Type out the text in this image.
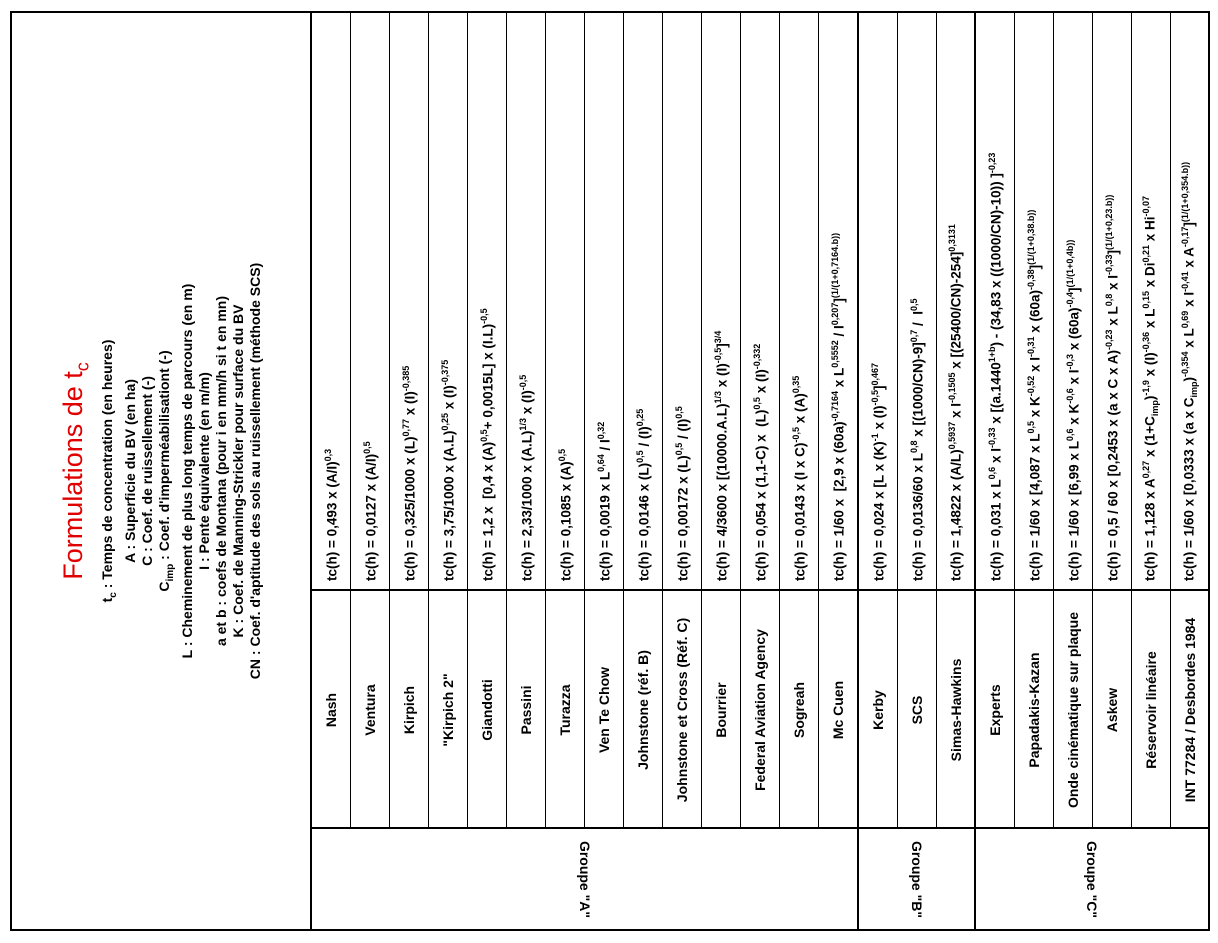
Formulations de $t_c$
$t_c$ : Temps de concentration (en heures) A : Superficie du BV (en ha) C : Coef. de ruissellement (-)
$C_{imp}$ : Coef. d'imperméabilisationt (-) L : Cheminement de plus long temps de parcours (en m) I : Pente équivalente (en m/m) a et b : coefs de Montana (pour i en mm/h si t en mn) K : Coef. de Manning-Strickler pour surface du BV CN : Coef. d'aptitude des sols au ruissellement (méthode SCS)
Groupe "A"	Groupe "B"	Groupe "C"
Nash
tc(h) = 0,493 x $(A/I)^{0,3}$
Ventura
tc(h) = 0,0127 x $(A/I)^{0,5}$
Kirpich
tc(h) = 0,325/1000 x $(L)^{0,77}$ x $(I)^{-0,385}$
"Kirpich 2"
tc(h) = 3,75/1000 x $(A.L)^{0,25}$ x $(I)^{-0,375}$
Giandotti
tc(h) = 1,2 x  [0,4 x $(A)^{0,5}+ 0,0015L$] x $(I.L)^{-0,5}$
Passini
tc(h) = 2,33/1000 x $(A.L)^{1/3}$ x $(I)^{-0,5}$
Turazza
tc(h) = 0,1085 x $(A)^{0,5}$
Ven Te Chow
tc(h) = 0,0019 x L$^{0,64}$ / I$^{0,32}$
Johnstone (réf. B)
tc(h) = 0,0146 x $(L)^{0,5} / (I)^{0,25}$
Johnstone et Cross (Réf. C)
tc(h) = 0,00172 x $(L)^{0,5} / (I)^{0,5}$
Bourrier
tc(h) = 4/3600 x [$(10000.A.L)^{1/3}$ x $(I)^{-0,5}]^{3/4}$
Federal Aviation Agency
tc(h) = 0,054 x (1,1-C) x  $(L)^{0,5}$ x $(I)^{-0,332}$
Sogreah
tc(h) = 0,0143 x (I x C)$^{-0,5}$ x $(A)^{0,35}$
Mc Cuen
tc(h) = 1/60 x  [2,9 x $(60a)^{-0,7164}$ x $L^{0,5552} / I^{0,207}]^{(1/(1+0,7164.b))}$
Kerby
tc(h) = 0,024 x [L x $(K)^{-1}$ x $(I)^{-0,5}]^{0,467}$
SCS
tc(h) = 0,0136/60 x L$^{0,8}$ x $[(1000/CN)-9]^{0,7} / I^{0,5}$
Simas-Hawkins
tc(h) = 1,4822 x $(A/L)^{0,5937}$ x $I^{-0,1505}$ x $[(25400/CN)-254]^{0,3131}$
Experts
tc(h) = 0,031 x L$^{0,6}$ x $I^{-0,33}$ x [$(a.1440^{1+b}) - (34,83$ x ((1000/CN)-10)) ]$^{-0,23}$
Papadakis-Kazan
tc(h) = 1/60 x [4,087 x L$^{0,5}$ x $K^{-0,52}$ x $I^{-0,31}$ x $(60a)^{-0,38}]^{(1/(1+0,38.b))}$
Onde cinématique sur plaque
tc(h) = 1/60 x [6,99 x L$^{0,6}$ x $K^{-0,6}$ x $I^{-0,3}$ x $(60a)^{-0,4}]^{(1/(1+0,4b))}$
Askew
tc(h) = 0,5 / 60 x [0,2453 x (a x C x A)$^{-0,23}$ x L$^{0,8}$ x $I^{-0,33}]^{(1/(1+0,23.b))}$
Réservoir linéaire
tc(h) = 1,128 x A$^{0,27}$ x $(1+C_{imp})^{-1,9}$ x $(I)^{-0,36}$ x L$^{0,15}$ x Di$^{0,21}$ x $Hi^{-0,07}$
INT 77284 / Desbordes 1984
tc(h) = 1/60 x [0,0333 x (a x $C_{imp})^{-0,354}$ x L$^{0,69}$ x $I^{-0,41}$ x $A^{-0,17}]^{(1/(1+0,354.b))}$
